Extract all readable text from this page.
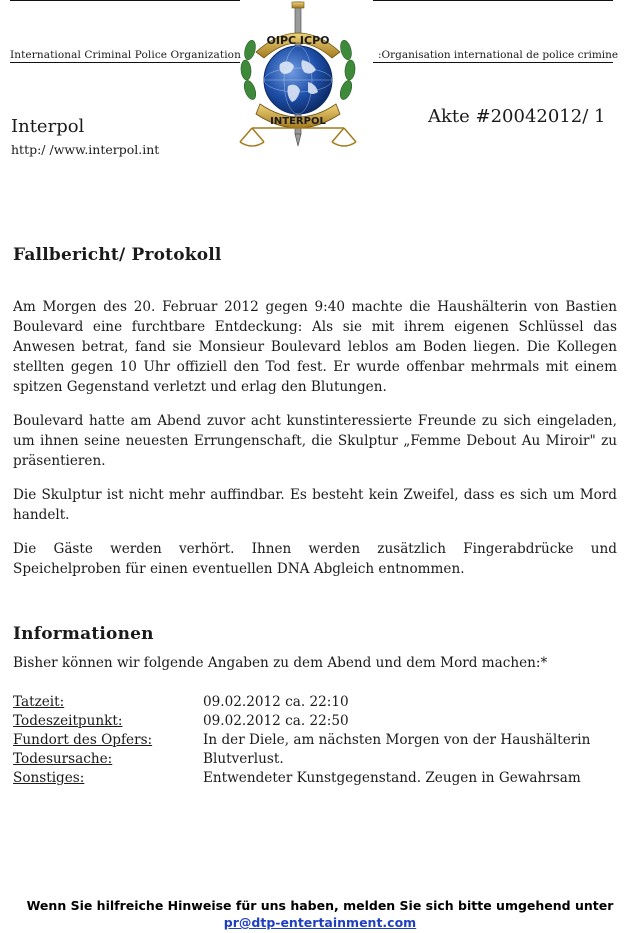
International Criminal Police Organization	:Organisation international de police crimine
OIPC ICPO
INTERPOL
Interpol
http:/ /www.interpol.int
Akte #20042012/ 1
Fallbericht/ Protokoll

Am Morgen des 20. Februar 2012 gegen 9:40 machte die Haushälterin von Bastien Boulevard eine furchtbare Entdeckung: Als sie mit ihrem eigenen Schlüssel das Anwesen betrat, fand sie Monsieur Boulevard leblos am Boden liegen. Die Kollegen stellten gegen 10 Uhr offiziell den Tod fest. Er wurde offenbar mehrmals mit einem spitzen Gegenstand verletzt und erlag den Blutungen.

Boulevard hatte am Abend zuvor acht kunstinteressierte Freunde zu sich eingeladen, um ihnen seine neuesten Errungenschaft, die Skulptur „Femme Debout Au Miroir" zu präsentieren.

Die Skulptur ist nicht mehr auffindbar. Es besteht kein Zweifel, dass es sich um Mord handelt.

Die Gäste werden verhört. Ihnen werden zusätzlich Fingerabdrücke und Speichelproben für einen eventuellen DNA Abgleich entnommen.

Informationen
Bisher können wir folgende Angaben zu dem Abend und dem Mord machen:*
Tatzeit:	09.02.2012 ca. 22:10
Todeszeitpunkt:	09.02.2012 ca. 22:50
Fundort des Opfers:	In der Diele, am nächsten Morgen von der Haushälterin
Todesursache:	Blutverlust.
Sonstiges:	Entwendeter Kunstgegenstand. Zeugen in Gewahrsam
Wenn Sie hilfreiche Hinweise für uns haben, melden Sie sich bitte umgehend unter
pr@dtp-entertainment.com
